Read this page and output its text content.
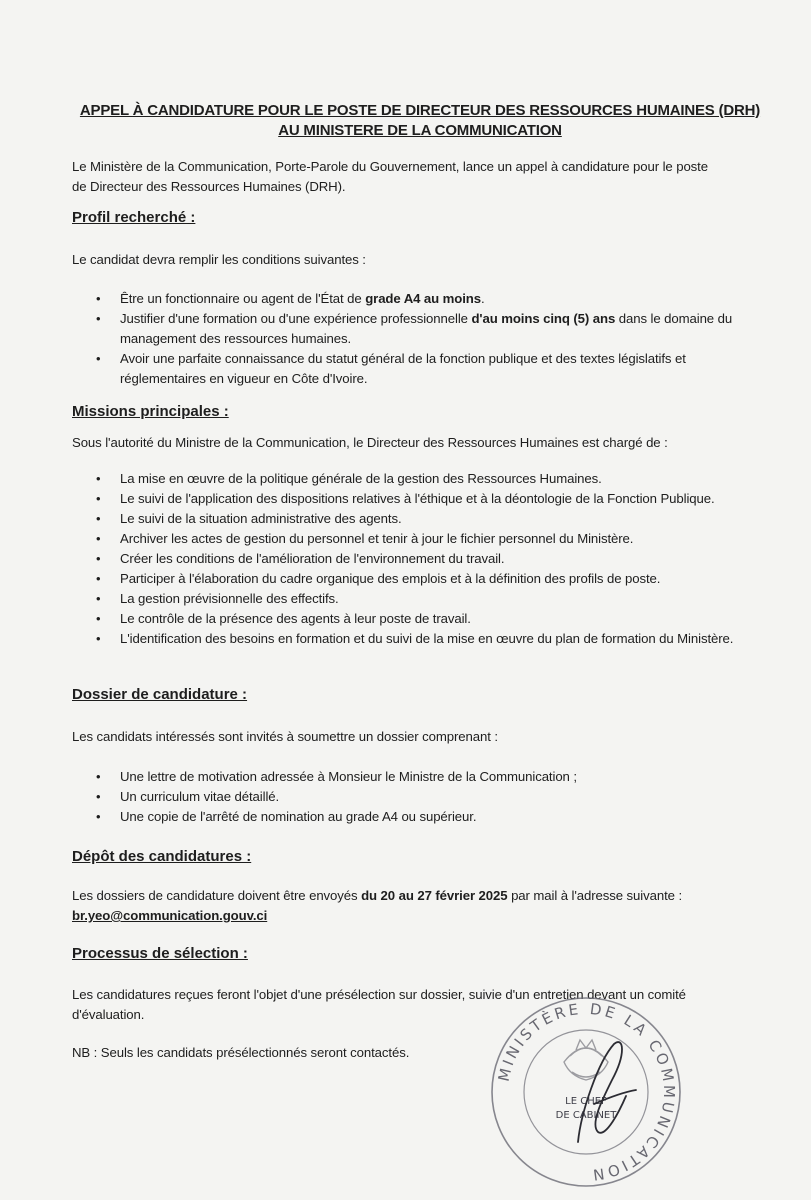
APPEL À CANDIDATURE POUR LE POSTE DE DIRECTEUR DES RESSOURCES HUMAINES (DRH)
AU MINISTERE DE LA COMMUNICATION
Le Ministère de la Communication, Porte-Parole du Gouvernement, lance un appel à candidature pour le poste
de Directeur des Ressources Humaines (DRH).
Profil recherché :
Le candidat devra remplir les conditions suivantes :
• Être un fonctionnaire ou agent de l'État de grade A4 au moins.
• Justifier d'une formation ou d'une expérience professionnelle d'au moins cinq (5) ans dans le domaine du management des ressources humaines.
• Avoir une parfaite connaissance du statut général de la fonction publique et des textes législatifs et réglementaires en vigueur en Côte d'Ivoire.
Missions principales :
Sous l'autorité du Ministre de la Communication, le Directeur des Ressources Humaines est chargé de :
• La mise en œuvre de la politique générale de la gestion des Ressources Humaines.
• Le suivi de l'application des dispositions relatives à l'éthique et à la déontologie de la Fonction Publique.
• Le suivi de la situation administrative des agents.
• Archiver les actes de gestion du personnel et tenir à jour le fichier personnel du Ministère.
• Créer les conditions de l'amélioration de l'environnement du travail.
• Participer à l'élaboration du cadre organique des emplois et à la définition des profils de poste.
• La gestion prévisionnelle des effectifs.
• Le contrôle de la présence des agents à leur poste de travail.
• L'identification des besoins en formation et du suivi de la mise en œuvre du plan de formation du Ministère.
Dossier de candidature :
Les candidats intéressés sont invités à soumettre un dossier comprenant :
• Une lettre de motivation adressée à Monsieur le Ministre de la Communication ;
• Un curriculum vitae détaillé.
• Une copie de l'arrêté de nomination au grade A4 ou supérieur.
Dépôt des candidatures :
Les dossiers de candidature doivent être envoyés du 20 au 27 février 2025 par mail à l'adresse suivante :
br.yeo@communication.gouv.ci
Processus de sélection :
Les candidatures reçues feront l'objet d'une présélection sur dossier, suivie d'un entretien devant un comité
d'évaluation.
NB : Seuls les candidats présélectionnés seront contactés.
MINISTÈRE DE LA COMMUNICATION
LE CHEF
DE CABINET
